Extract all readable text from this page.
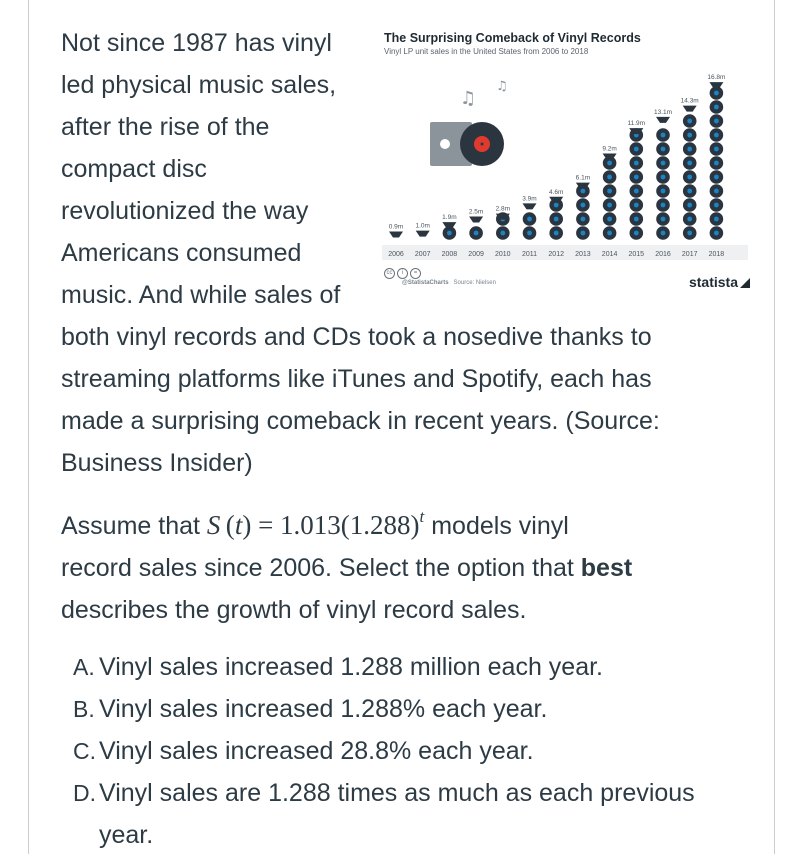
Not since 1987 has vinyl
led physical music sales,
after the rise of the
compact disc
revolutionized the way
Americans consumed
music. And while sales of
both vinyl records and CDs took a nosedive thanks to
streaming platforms like iTunes and Spotify, each has
made a surprising comeback in recent years. (Source:
Business Insider)
The Surprising Comeback of Vinyl Records
Vinyl LP unit sales in the United States from 2006 to 2018
♫
♫
0.9m 1.0m
1.9m
2.5m 2.8m
3.9m
4.6m
6.1m
9.2m
11.9m
13.1m
14.3m
16.8m
2006 2007 2008 2009 2010 2011 2012 2013 2014 2015 2016 2017 2018
cc	i	=
@StatistaCharts Source: Nielsen	statista
Assume that S $(t) = 1.013(1.288)^t$ models vinyl
record sales since 2006. Select the option that best
describes the growth of vinyl record sales.
A. Vinyl sales increased 1.288 million each year.
B. Vinyl sales increased 1.288% each year.
C. Vinyl sales increased 28.8% each year.
D. Vinyl sales are 1.288 times as much as each previous
year.
